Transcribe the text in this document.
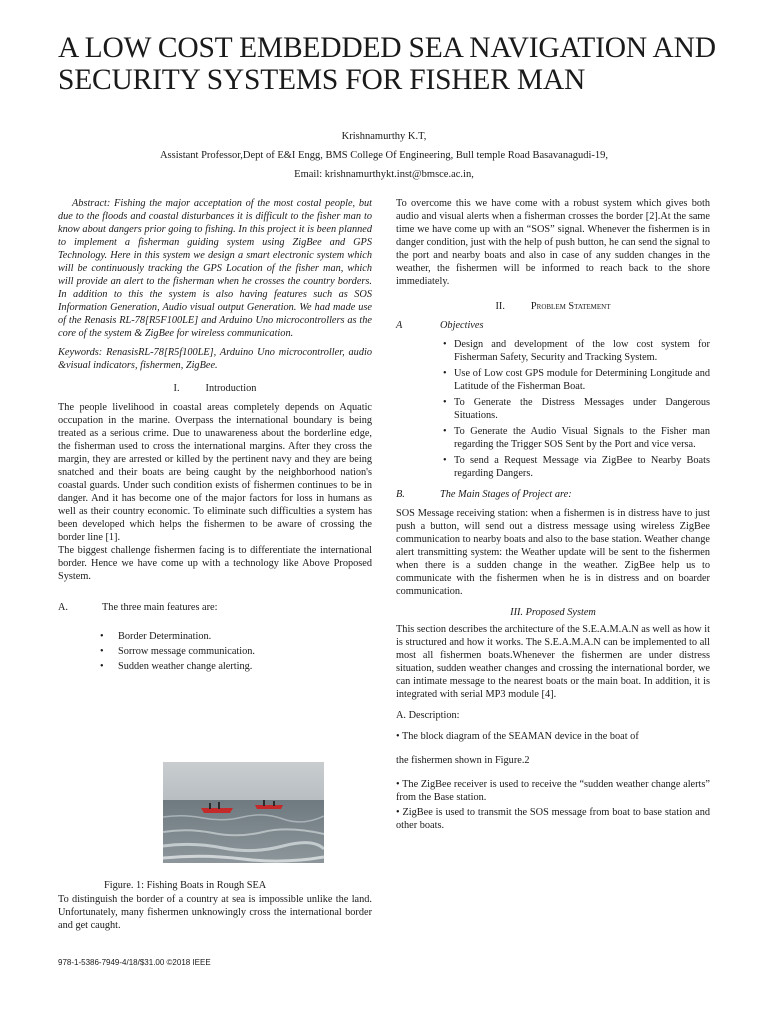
A LOW COST EMBEDDED SEA NAVIGATION AND SECURITY SYSTEMS FOR FISHER MAN
Krishnamurthy K.T,
Assistant Professor,Dept of E&I Engg, BMS College Of Engineering, Bull temple Road Basavanagudi-19,
Email: krishnamurthykt.inst@bmsce.ac.in,

Abstract: Fishing the major acceptation of the most costal people, but due to the floods and coastal disturbances it is difficult to the fisher man to know about dangers prior going to fishing. In this project it is been planned to implement a fisherman guiding system using ZigBee and GPS Technology. Here in this system we design a smart electronic system which will be continuously tracking the GPS Location of the fisher man, which will provide an alert to the fisherman when he crosses the country borders. In addition to this the system is also having features such as SOS Information Generation, Audio visual output Generation. We had made use of the Renasis RL-78[R5F100LE] and Arduino Uno microcontrollers as the core of the system & ZigBee for wireless communication.

Keywords: RenasisRL-78[R5f100LE], Arduino Uno microcontroller, audio &visual indicators, fishermen, ZigBee.

I.	Introduction

The people livelihood in coastal areas completely depends on Aquatic occupation in the marine. Overpass the international boundary is being treated as a serious crime. Due to unawareness about the borderline edge, the fisherman used to cross the international margins. After they cross the margin, they are arrested or killed by the pertinent navy and they are being snatched and their boats are being caught by the neighborhood nation's coastal guards. Under such condition exists of fishermen continues to be in danger. And it has become one of the major factors for loss in humans as well as their country economic. To eliminate such difficulties a system has been developed which helps the fishermen to be aware of crossing the border line [1].

The biggest challenge fishermen facing is to differentiate the international border. Hence we have come up with a technology like Above Proposed System.

A.	The three main features are:

• Border Determination.
• Sorrow message communication.
• Sudden weather change alerting.
Figure. 1: Fishing Boats in Rough SEA

To distinguish the border of a country at sea is impossible unlike the land. Unfortunately, many fishermen unknowingly cross the international border and get caught.

To overcome this we have come with a robust system which gives both audio and visual alerts when a fisherman crosses the border [2].At the same time we have come up with an “SOS” signal. Whenever the fishermen is in danger condition, just with the help of push button, he can send the signal to the port and nearby boats and also in case of any sudden changes in the weather, the fishermen will be informed to reach back to the shore immediately.

II.	Problem Statement

A	Objectives

• Design and development of the low cost system for Fisherman Safety, Security and Tracking System.
• Use of Low cost GPS module for Determining Longitude and Latitude of the Fisherman Boat.
• To Generate the Distress Messages under Dangerous Situations.
• To Generate the Audio Visual Signals to the Fisher man regarding the Trigger SOS Sent by the Port and vice versa.
• To send a Request Message via ZigBee to Nearby Boats regarding Dangers.

B.	The Main Stages of Project are:

SOS Message receiving station: when a fishermen is in distress have to just push a button, will send out a distress message using wireless ZigBee communication to nearby boats and also to the base station. Weather change alert transmitting system: the Weather update will be sent to the fishermen when there is a sudden change in the weather. ZigBee help us to communicate with the fishermen when he is in distress and on boarder communication.

III. Proposed System

This section describes the architecture of the S.E.A.M.A.N as well as how it is structured and how it works. The S.E.A.M.A.N can be implemented to all most all fishermen boats.Whenever the fishermen are under distress situation, sudden weather changes and crossing the international border, we can intimate message to the nearest boats or the main boat. In addition, it is integrated with serial MP3 module [4].

A. Description:

• The block diagram of the SEAMAN device in the boat of

the fishermen shown in Figure.2

• The ZigBee receiver is used to receive the “sudden weather change alerts” from the Base station.

• ZigBee is used to transmit the SOS message from boat to base station and other boats.

978-1-5386-7949-4/18/$31.00 ©2018 IEEE
